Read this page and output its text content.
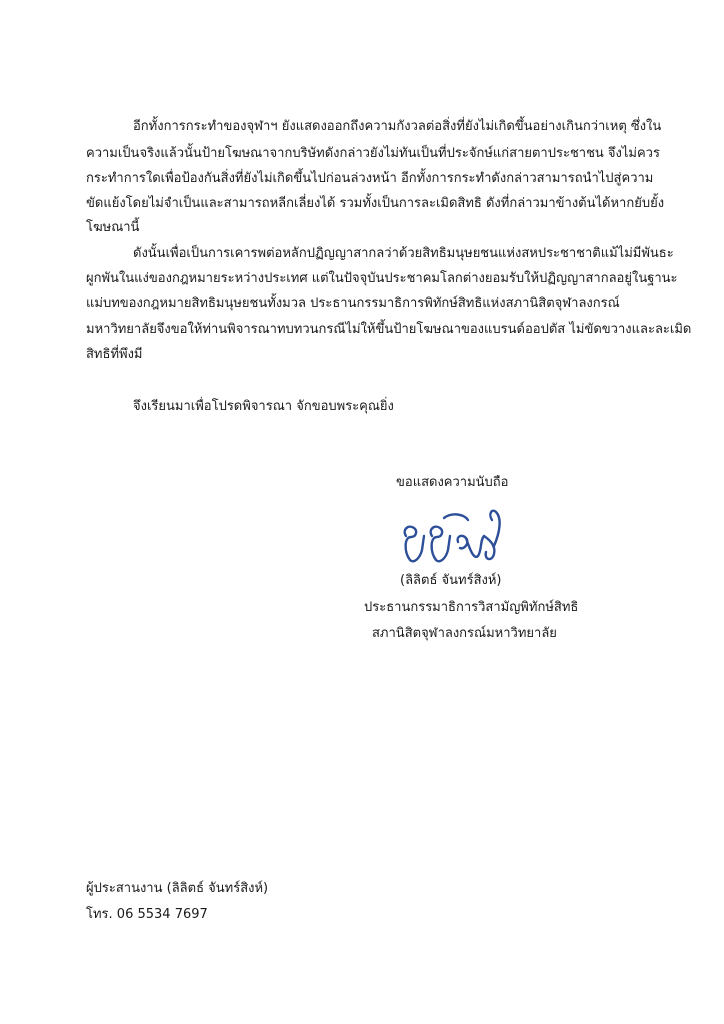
อีกทั้งการกระทำของจุฬาฯ ยังแสดงออกถึงความกังวลต่อสิ่งที่ยังไม่เกิดขึ้นอย่างเกินกว่าเหตุ ซึ่งใน
ความเป็นจริงแล้วนั้นป้ายโฆษณาจากบริษัทดังกล่าวยังไม่ทันเป็นที่ประจักษ์แก่สายตาประชาชน จึงไม่ควร
กระทำการใดเพื่อป้องกันสิ่งที่ยังไม่เกิดขึ้นไปก่อนล่วงหน้า อีกทั้งการกระทำดังกล่าวสามารถนำไปสู่ความ
ขัดแย้งโดยไม่จำเป็นและสามารถหลีกเลี่ยงได้ รวมทั้งเป็นการละเมิดสิทธิ ดังที่กล่าวมาข้างต้นได้หากยับยั้ง
โฆษณานี้
ดังนั้นเพื่อเป็นการเคารพต่อหลักปฏิญญาสากลว่าด้วยสิทธิมนุษยชนแห่งสหประชาชาติแม้ไม่มีพันธะ
ผูกพันในแง่ของกฎหมายระหว่างประเทศ แต่ในปัจจุบันประชาคมโลกต่างยอมรับให้ปฏิญญาสากลอยู่ในฐานะ
แม่บทของกฎหมายสิทธิมนุษยชนทั้งมวล ประธานกรรมาธิการพิทักษ์สิทธิแห่งสภานิสิตจุฬาลงกรณ์
มหาวิทยาลัยจึงขอให้ท่านพิจารณาทบทวนกรณีไม่ให้ขึ้นป้ายโฆษณาของแบรนด์ออปตัส ไม่ขัดขวางและละเมิด
สิทธิที่พึงมี
จึงเรียนมาเพื่อโปรดพิจารณา จักขอบพระคุณยิ่ง
ขอแสดงความนับถือ
(ลิลิตธ์ จันทร์สิงห์)
ประธานกรรมาธิการวิสามัญพิทักษ์สิทธิ
สภานิสิตจุฬาลงกรณ์มหาวิทยาลัย
ผู้ประสานงาน (ลิลิตธ์ จันทร์สิงห์)
โทร. 06 5534 7697
